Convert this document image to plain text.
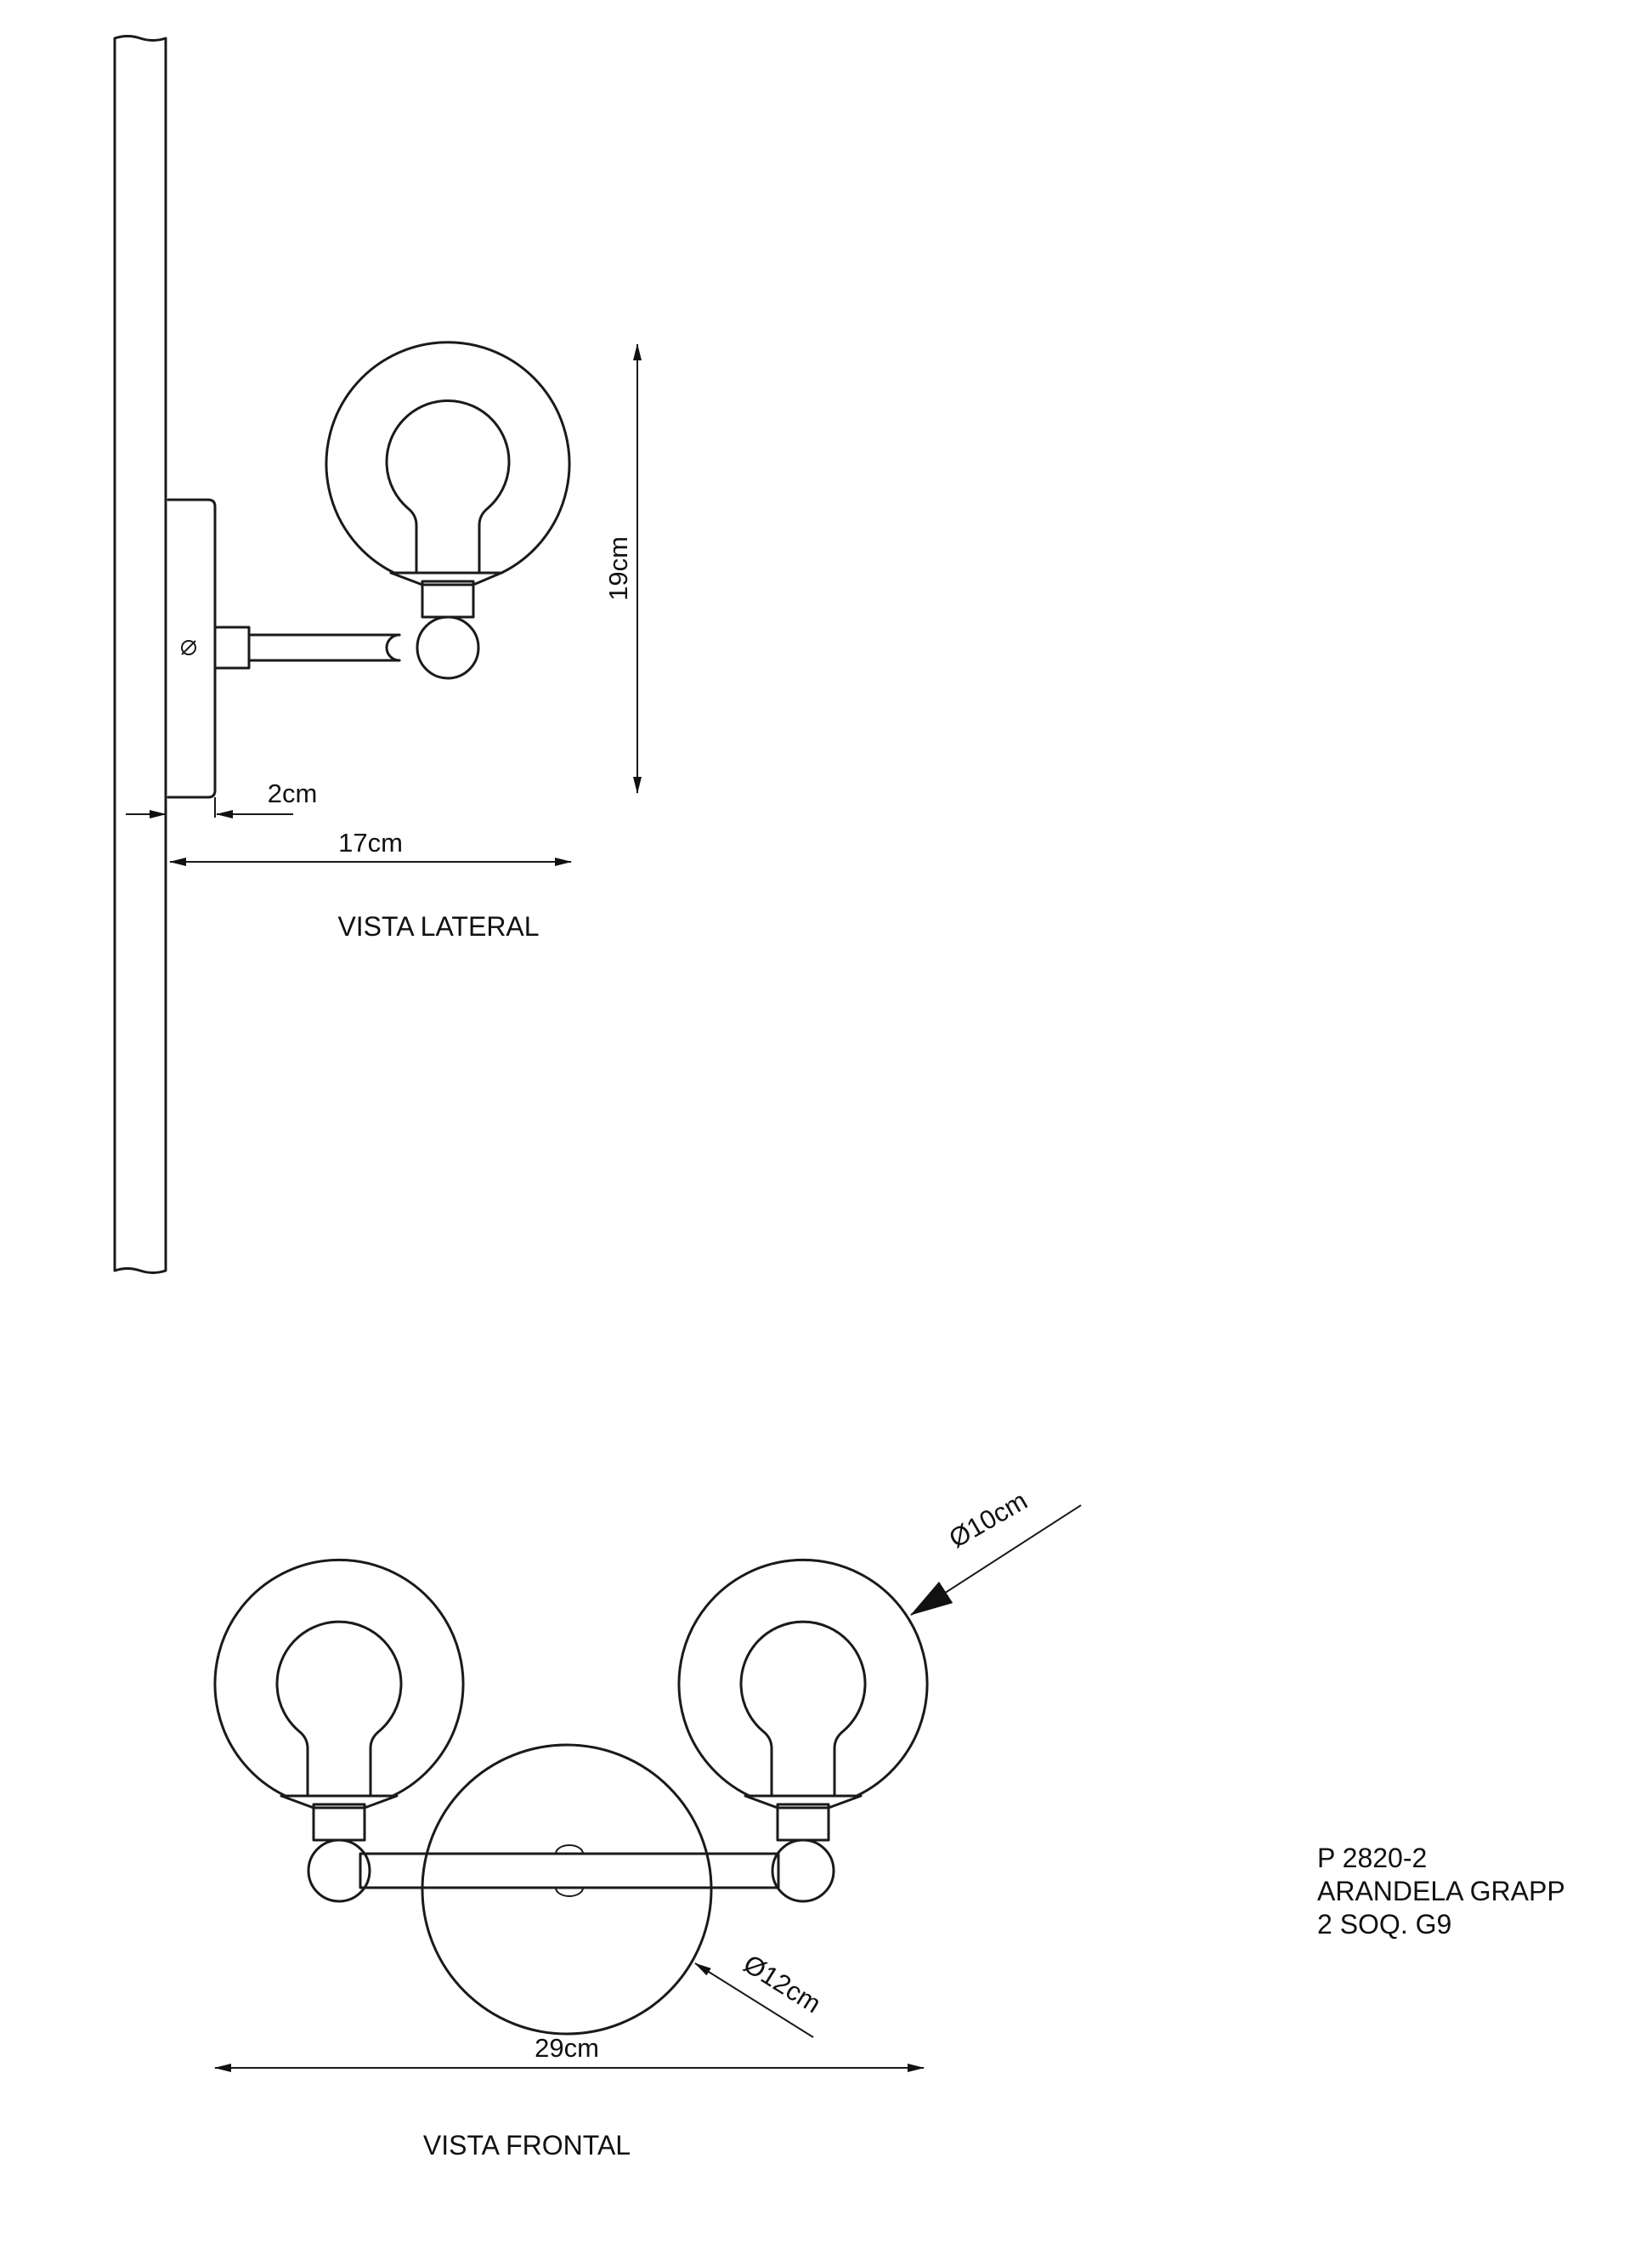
19cm
2cm
17cm
VISTA LATERAL
Ø10cm
Ø12cm
29cm
VISTA FRONTAL
P 2820-2
ARANDELA GRAPP
2 SOQ. G9
